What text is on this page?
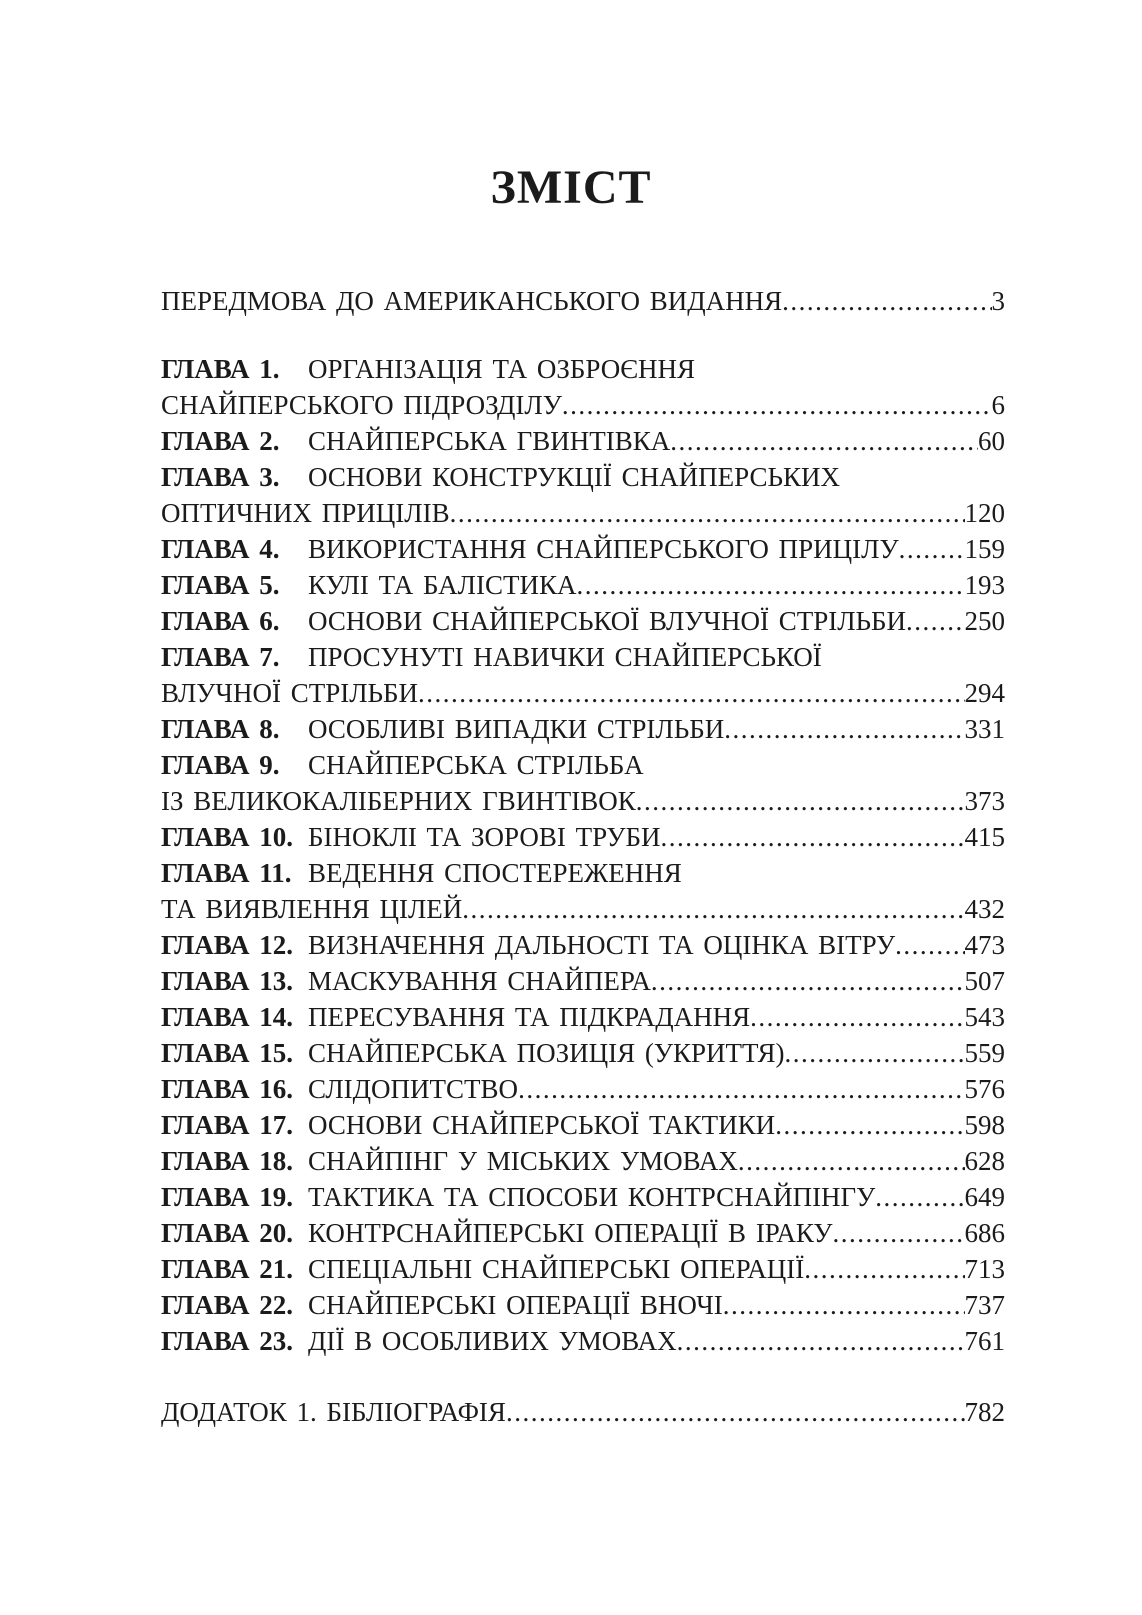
ЗМІСТ
ПЕРЕДМОВА ДО АМЕРИКАНСЬКОГО ВИДАННЯ .....	3
ГЛАВА 1.	ОРГАНІЗАЦІЯ ТА ОЗБРОЄННЯ
СНАЙПЕРСЬКОГО ПІДРОЗДІЛУ .....	6
ГЛАВА 2.	СНАЙПЕРСЬКА ГВИНТІВКА .....	60
ГЛАВА 3.	ОСНОВИ КОНСТРУКЦІЇ СНАЙПЕРСЬКИХ
ОПТИЧНИХ ПРИЦІЛІВ .....	120
ГЛАВА 4.	ВИКОРИСТАННЯ СНАЙПЕРСЬКОГО ПРИЦІЛУ ..... 159
ГЛАВА 5.	КУЛІ ТА БАЛІСТИКА .....	193
ГЛАВА 6.	ОСНОВИ СНАЙПЕРСЬКОЇ ВЛУЧНОЇ СТРІЛЬБИ ..... 250
ГЛАВА 7.	ПРОСУНУТІ НАВИЧКИ СНАЙПЕРСЬКОЇ
ВЛУЧНОЇ СТРІЛЬБИ .....	294
ГЛАВА 8.	ОСОБЛИВІ ВИПАДКИ СТРІЛЬБИ .....	331
ГЛАВА 9.	СНАЙПЕРСЬКА СТРІЛЬБА
ІЗ ВЕЛИКОКАЛІБЕРНИХ ГВИНТІВОК .....	373
ГЛАВА 10. БІНОКЛІ ТА ЗОРОВІ ТРУБИ .....	415
ГЛАВА 11. ВЕДЕННЯ СПОСТЕРЕЖЕННЯ
ТА ВИЯВЛЕННЯ ЦІЛЕЙ .....	432
ГЛАВА 12. ВИЗНАЧЕННЯ ДАЛЬНОСТІ ТА ОЦІНКА ВІТРУ .....	473
ГЛАВА 13. МАСКУВАННЯ СНАЙПЕРА .....	507
ГЛАВА 14. ПЕРЕСУВАННЯ ТА ПІДКРАДАННЯ .....	543
ГЛАВА 15. СНАЙПЕРСЬКА ПОЗИЦІЯ (УКРИТТЯ) .....	559
ГЛАВА 16. СЛІДОПИТСТВО .....	576
ГЛАВА 17. ОСНОВИ СНАЙПЕРСЬКОЇ ТАКТИКИ .....	598
ГЛАВА 18. СНАЙПІНГ У МІСЬКИХ УМОВАХ .....	628
ГЛАВА 19. ТАКТИКА ТА СПОСОБИ КОНТРСНАЙПІНГУ .....	649
ГЛАВА 20. КОНТРСНАЙПЕРСЬКІ ОПЕРАЦІЇ В ІРАКУ .....	686
ГЛАВА 21. СПЕЦІАЛЬНІ СНАЙПЕРСЬКІ ОПЕРАЦІЇ .....	713
ГЛАВА 22. СНАЙПЕРСЬКІ ОПЕРАЦІЇ ВНОЧІ .....	737
ГЛАВА 23. ДІЇ В ОСОБЛИВИХ УМОВАХ .....	761
ДОДАТОК 1. БІБЛІОГРАФІЯ .....	782
